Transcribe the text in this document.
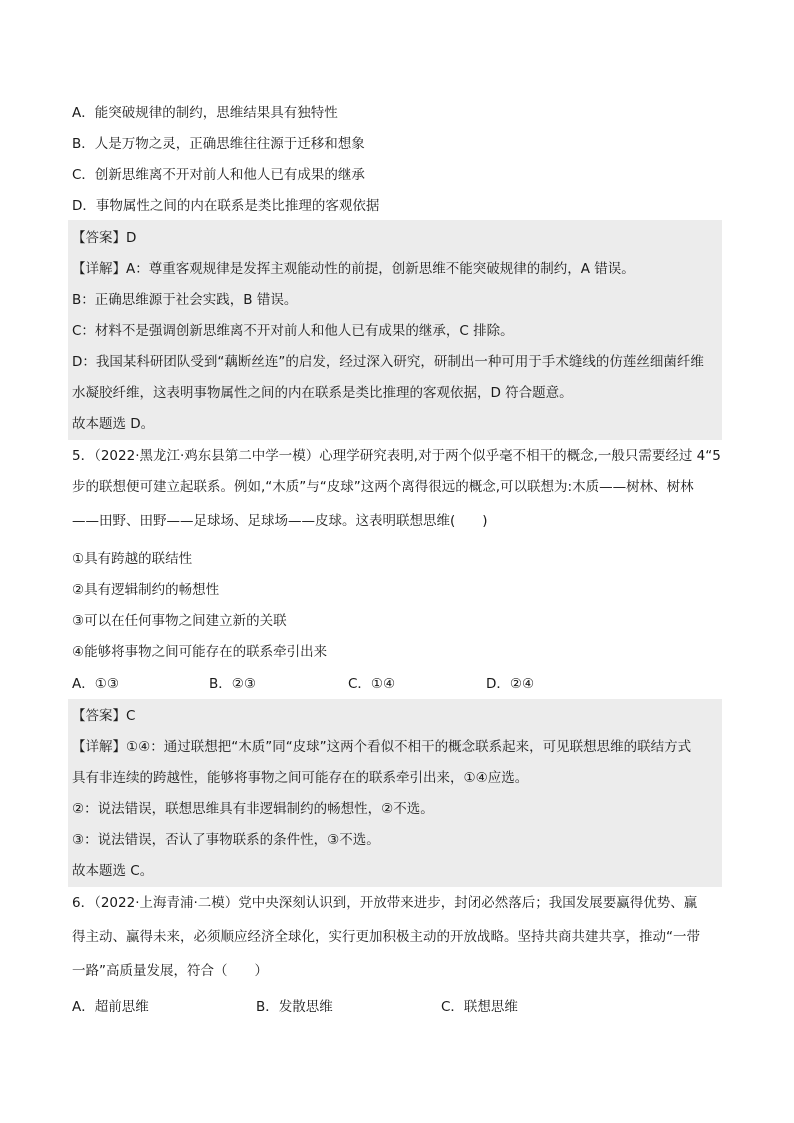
A．能突破规律的制约，思维结果具有独特性
B．人是万物之灵，正确思维往往源于迁移和想象
C．创新思维离不开对前人和他人已有成果的继承
D．事物属性之间的内在联系是类比推理的客观依据
【答案】D
【详解】A：尊重客观规律是发挥主观能动性的前提，创新思维不能突破规律的制约，A 错误。
B：正确思维源于社会实践，B 错误。
C：材料不是强调创新思维离不开对前人和他人已有成果的继承，C 排除。
D：我国某科研团队受到“藕断丝连”的启发，经过深入研究，研制出一种可用于手术缝线的仿莲丝细菌纤维
水凝胶纤维，这表明事物属性之间的内在联系是类比推理的客观依据，D 符合题意。
故本题选 D。
5．（2022·黑龙江·鸡东县第二中学一模）心理学研究表明,对于两个似乎毫不相干的概念,一般只需要经过 4“5
步的联想便可建立起联系。例如,“木质”与“皮球”这两个离得很远的概念,可以联想为:木质——树林、树林
——田野、田野——足球场、足球场——皮球。这表明联想思维(　　)
①具有跨越的联结性
②具有逻辑制约的畅想性
③可以在任何事物之间建立新的关联
④能够将事物之间可能存在的联系牵引出来
A．①③	B．②③	C．①④	D．②④
【答案】C
【详解】①④：通过联想把“木质”同“皮球”这两个看似不相干的概念联系起来，可见联想思维的联结方式
具有非连续的跨越性，能够将事物之间可能存在的联系牵引出来，①④应选。
②：说法错误，联想思维具有非逻辑制约的畅想性，②不选。
③：说法错误，否认了事物联系的条件性，③不选。
故本题选 C。
6．（2022·上海青浦·二模）党中央深刻认识到，开放带来进步，封闭必然落后；我国发展要赢得优势、赢
得主动、赢得未来，必须顺应经济全球化，实行更加积极主动的开放战略。坚持共商共建共享，推动“一带
一路”高质量发展，符合（　　）
A．超前思维	B．发散思维	C．联想思维
